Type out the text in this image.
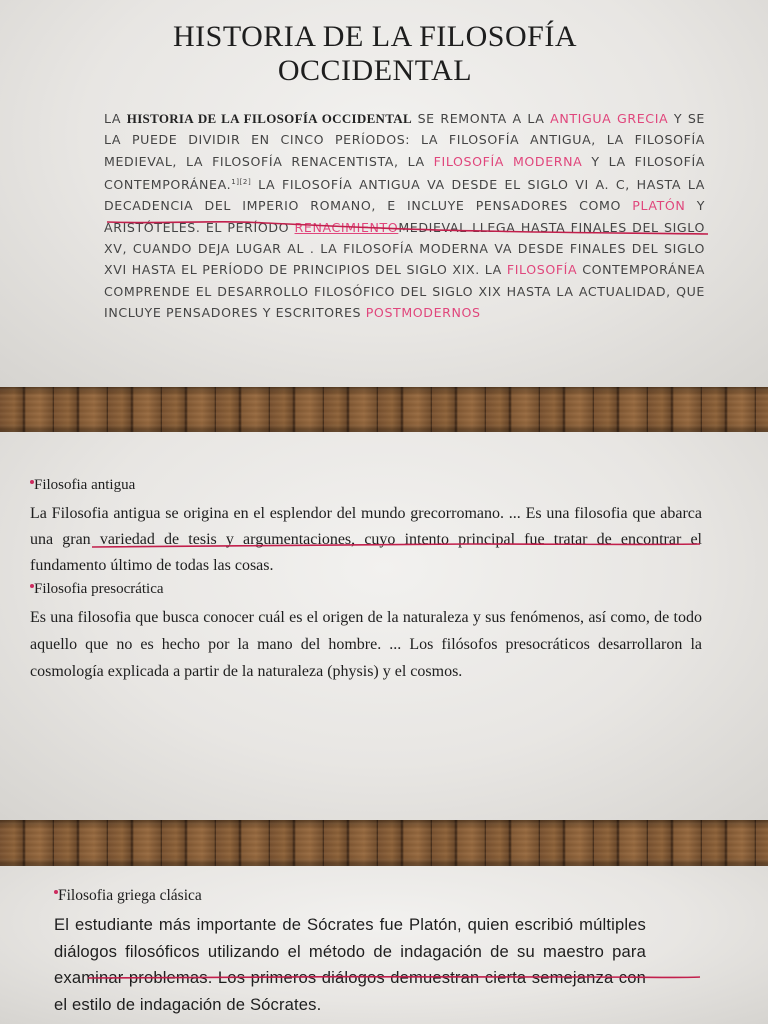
HISTORIA DE LA FILOSOFÍA
OCCIDENTAL
LA HISTORIA DE LA FILOSOFÍA OCCIDENTAL SE REMONTA A LA ANTIGUA GRECIA Y SE LA PUEDE DIVIDIR EN CINCO PERÍODOS: LA FILOSOFÍA ANTIGUA, LA FILOSOFÍA MEDIEVAL, LA FILOSOFÍA RENACENTISTA, LA FILOSOFÍA MODERNA Y LA FILOSOFÍA CONTEMPORÁNEA.$^{1][2]}$ LA FILOSOFÍA ANTIGUA VA DESDE EL SIGLO VI A. C, HASTA LA DECADENCIA DEL IMPERIO ROMANO, E INCLUYE PENSADORES COMO PLATÓN Y ARISTÓTELES. EL PERÍODO RENACIMIENTOMEDIEVAL LLEGA HASTA FINALES DEL SIGLO XV, CUANDO DEJA LUGAR AL . LA FILOSOFÍA MODERNA VA DESDE FINALES DEL SIGLO XVI HASTA EL PERÍODO DE PRINCIPIOS DEL SIGLO XIX. LA FILOSOFÍA CONTEMPORÁNEA COMPRENDE EL DESARROLLO FILOSÓFICO DEL SIGLO XIX HASTA LA ACTUALIDAD, QUE INCLUYE PENSADORES Y ESCRITORES POSTMODERNOS
Filosofia antigua
La Filosofia antigua se origina en el esplendor del mundo grecorromano. ... Es una filosofia que abarca una gran variedad de tesis y argumentaciones, cuyo intento principal fue tratar de encontrar el fundamento último de todas las cosas.
Filosofia presocrática
Es una filosofia que busca conocer cuál es el origen de la naturaleza y sus fenómenos, así como, de todo aquello que no es hecho por la mano del hombre. ... Los filósofos presocráticos desarrollaron la cosmología explicada a partir de la naturaleza (physis) y el cosmos.
Filosofia griega clásica
El estudiante más importante de Sócrates fue Platón, quien escribió múltiples diálogos filosóficos utilizando el método de indagación de su maestro para examinar problemas. Los primeros diálogos demuestran cierta semejanza con el estilo de indagación de Sócrates.
